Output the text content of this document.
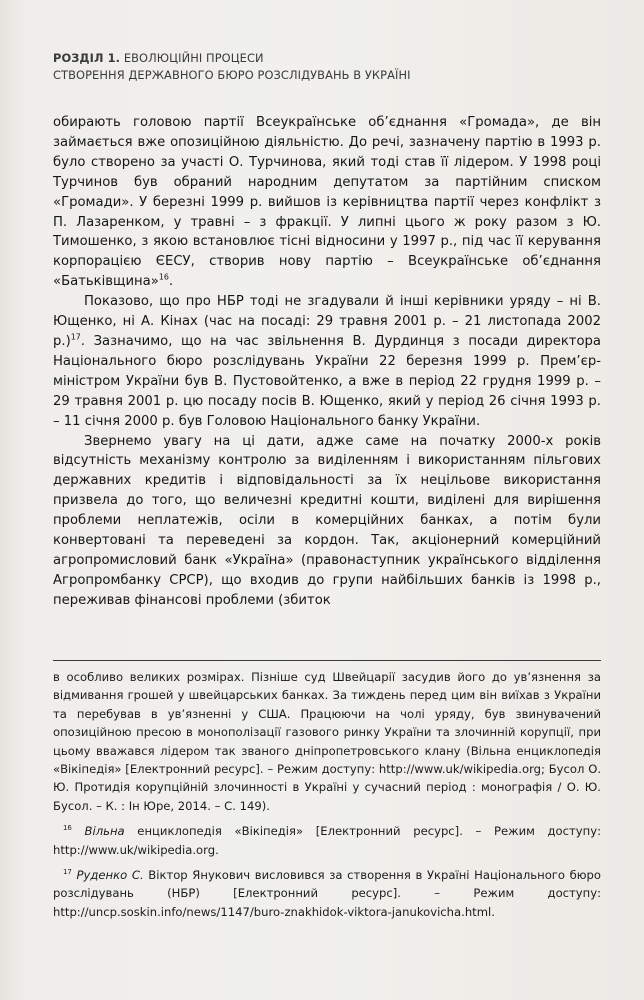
РОЗДІЛ 1. ЕВОЛЮЦІЙНІ ПРОЦЕСИ
СТВОРЕННЯ ДЕРЖАВНОГО БЮРО РОЗСЛІДУВАНЬ В УКРАЇНІ

обирають головою партії Всеукраїнське об’єднання «Громада», де він займається вже опозиційною діяльністю. До речі, зазначену партію в 1993 р. було створено за участі О. Турчинова, який тоді став її лідером. У 1998 році Турчинов був обраний народним депутатом за партійним списком «Громади». У березні 1999 р. вийшов із керівництва партії через конфлікт з П. Лазаренком, у травні – з фракції. У липні цього ж року разом з Ю. Тимошенко, з якою встановлює тісні відносини у 1997 р., під час її керування корпорацією ЄЕСУ, створив нову партію – Всеукраїнське об’єднання «Батьківщина»$^{16}$.

Показово, що про НБР тоді не згадували й інші керівники уряду – ні В. Ющенко, ні А. Кінах (час на посаді: 29 травня 2001 р. – 21 листопада 2002 р.)$^{17}$. Зазначимо, що на час звільнення В. Дурдинця з посади директора Національного бюро розслідувань України 22 березня 1999 р. Прем’єр-міністром України був В. Пустовойтенко, а вже в період 22 грудня 1999 р. – 29 травня 2001 р. цю посаду посів В. Ющенко, який у період 26 січня 1993 р. – 11 січня 2000 р. був Головою Національного банку України.

Звернемо увагу на ці дати, адже саме на початку 2000-х років відсутність механізму контролю за виділенням і використанням пільгових державних кредитів і відповідальності за їх нецільове використання призвела до того, що величезні кредитні кошти, виділені для вирішення проблеми неплатежів, осіли в комерційних банках, а потім були конвертовані та переведені за кордон. Так, акціонерний комерційний агропромисловий банк «Україна» (правонаступник українського відділення Агропромбанку СРСР), що входив до групи найбільших банків із 1998 р., переживав фінансові проблеми (збиток

в особливо великих розмірах. Пізніше суд Швейцарії засудив його до ув’язнення за відмивання грошей у швейцарських банках. За тиждень перед цим він виїхав з України та перебував в ув’язненні у США. Працюючи на чолі уряду, був звинувачений опозиційною пресою в монополізації газового ринку України та злочинній корупції, при цьому вважався лідером так званого дніпропетровського клану (Вільна енциклопедія «Вікіпедія» [Електронний ресурс]. – Режим доступу: http://www.uk/wikipedia.org; Бусол О. Ю. Протидія корупційній злочинності в Україні у сучасний період : монографія / О. Ю. Бусол. – К. : Ін Юре, 2014. – С. 149).

$^{16}$ Вільна енциклопедія «Вікіпедія» [Електронний ресурс]. – Режим доступу: http://www.uk/wikipedia.org.

$^{17}$ Руденко С. Віктор Янукович висловився за створення в Україні Національного бюро розслідувань (НБР) [Електронний ресурс]. – Режим доступу: http://uncp.soskin.info/news/1147/buro-znakhidok-viktora-janukovicha.html.
